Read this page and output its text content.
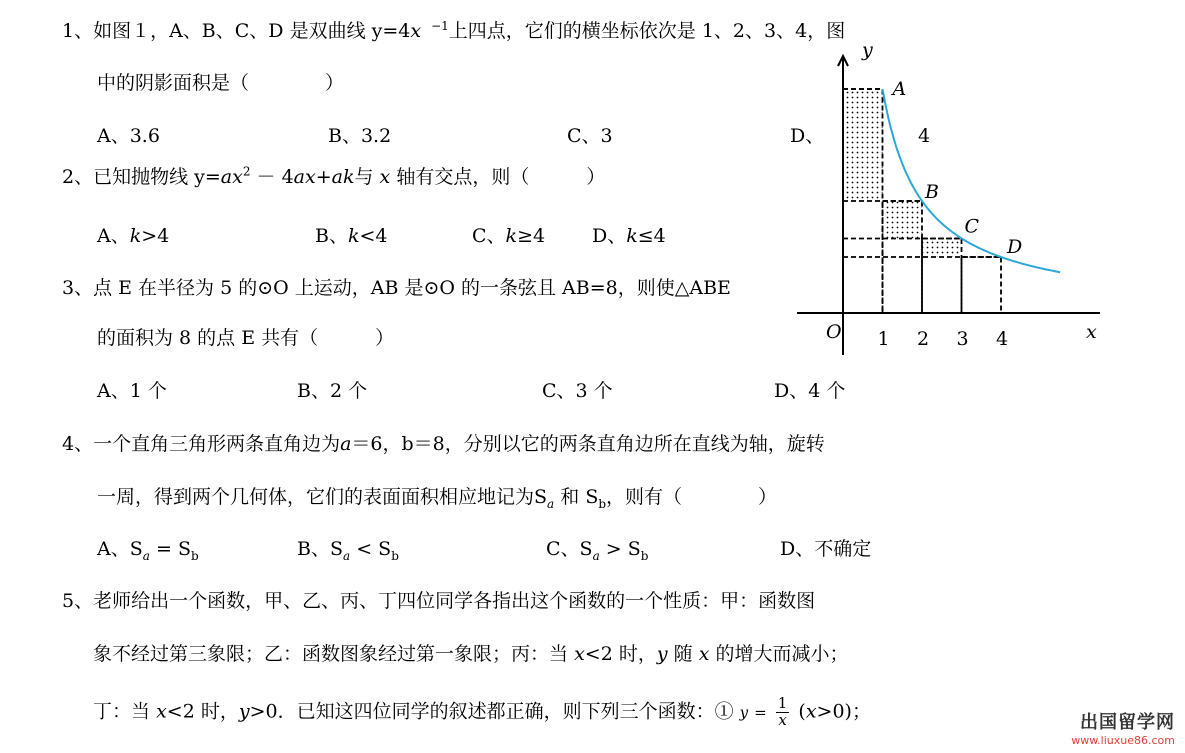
1、如图１，A、B、C、D 是双曲线 y=4x $^{-1}$上四点，它们的横坐标依次是 1、2、3、4，图
中的阴影面积是（　　　　）
A、3.6	B、3.2	C、3	D、	4
2、已知抛物线 $y=ax^2 - 4ax+ak$与 x 轴有交点，则（　　　）
A、k>4	B、k<4	C、k≥4 D、k≤4
3、点 E 在半径为 5 的⊙O 上运动，AB 是⊙O 的一条弦且 AB=8，则使△ABE
的面积为 8 的点 E 共有（　　　）
A、1 个	B、2 个	C、3 个	D、4 个
4、一个直角三角形两条直角边为a＝6，b＝8，分别以它的两条直角边所在直线为轴，旋转
一周，得到两个几何体，它们的表面面积相应地记为$S_a$ 和 $S_b$，则有（　　　　）
A、$S_a = S_b$	B、$S_a < S_b$	C、$S_a > S_b$	D、不确定
5、老师给出一个函数，甲、乙、丙、丁四位同学各指出这个函数的一个性质：甲：函数图
象不经过第三象限；乙：函数图象经过第一象限；丙：当 x<2 时，y 随 x 的增大而减小；
丁：当 x<2 时，y>0．已知这四位同学的叙述都正确，则下列三个函数：① $y = \frac{1}{x} (x>0)$；
y
x
O 1 2 3 4
A
B
C
D
出国留学网
www.liuxue86.com
